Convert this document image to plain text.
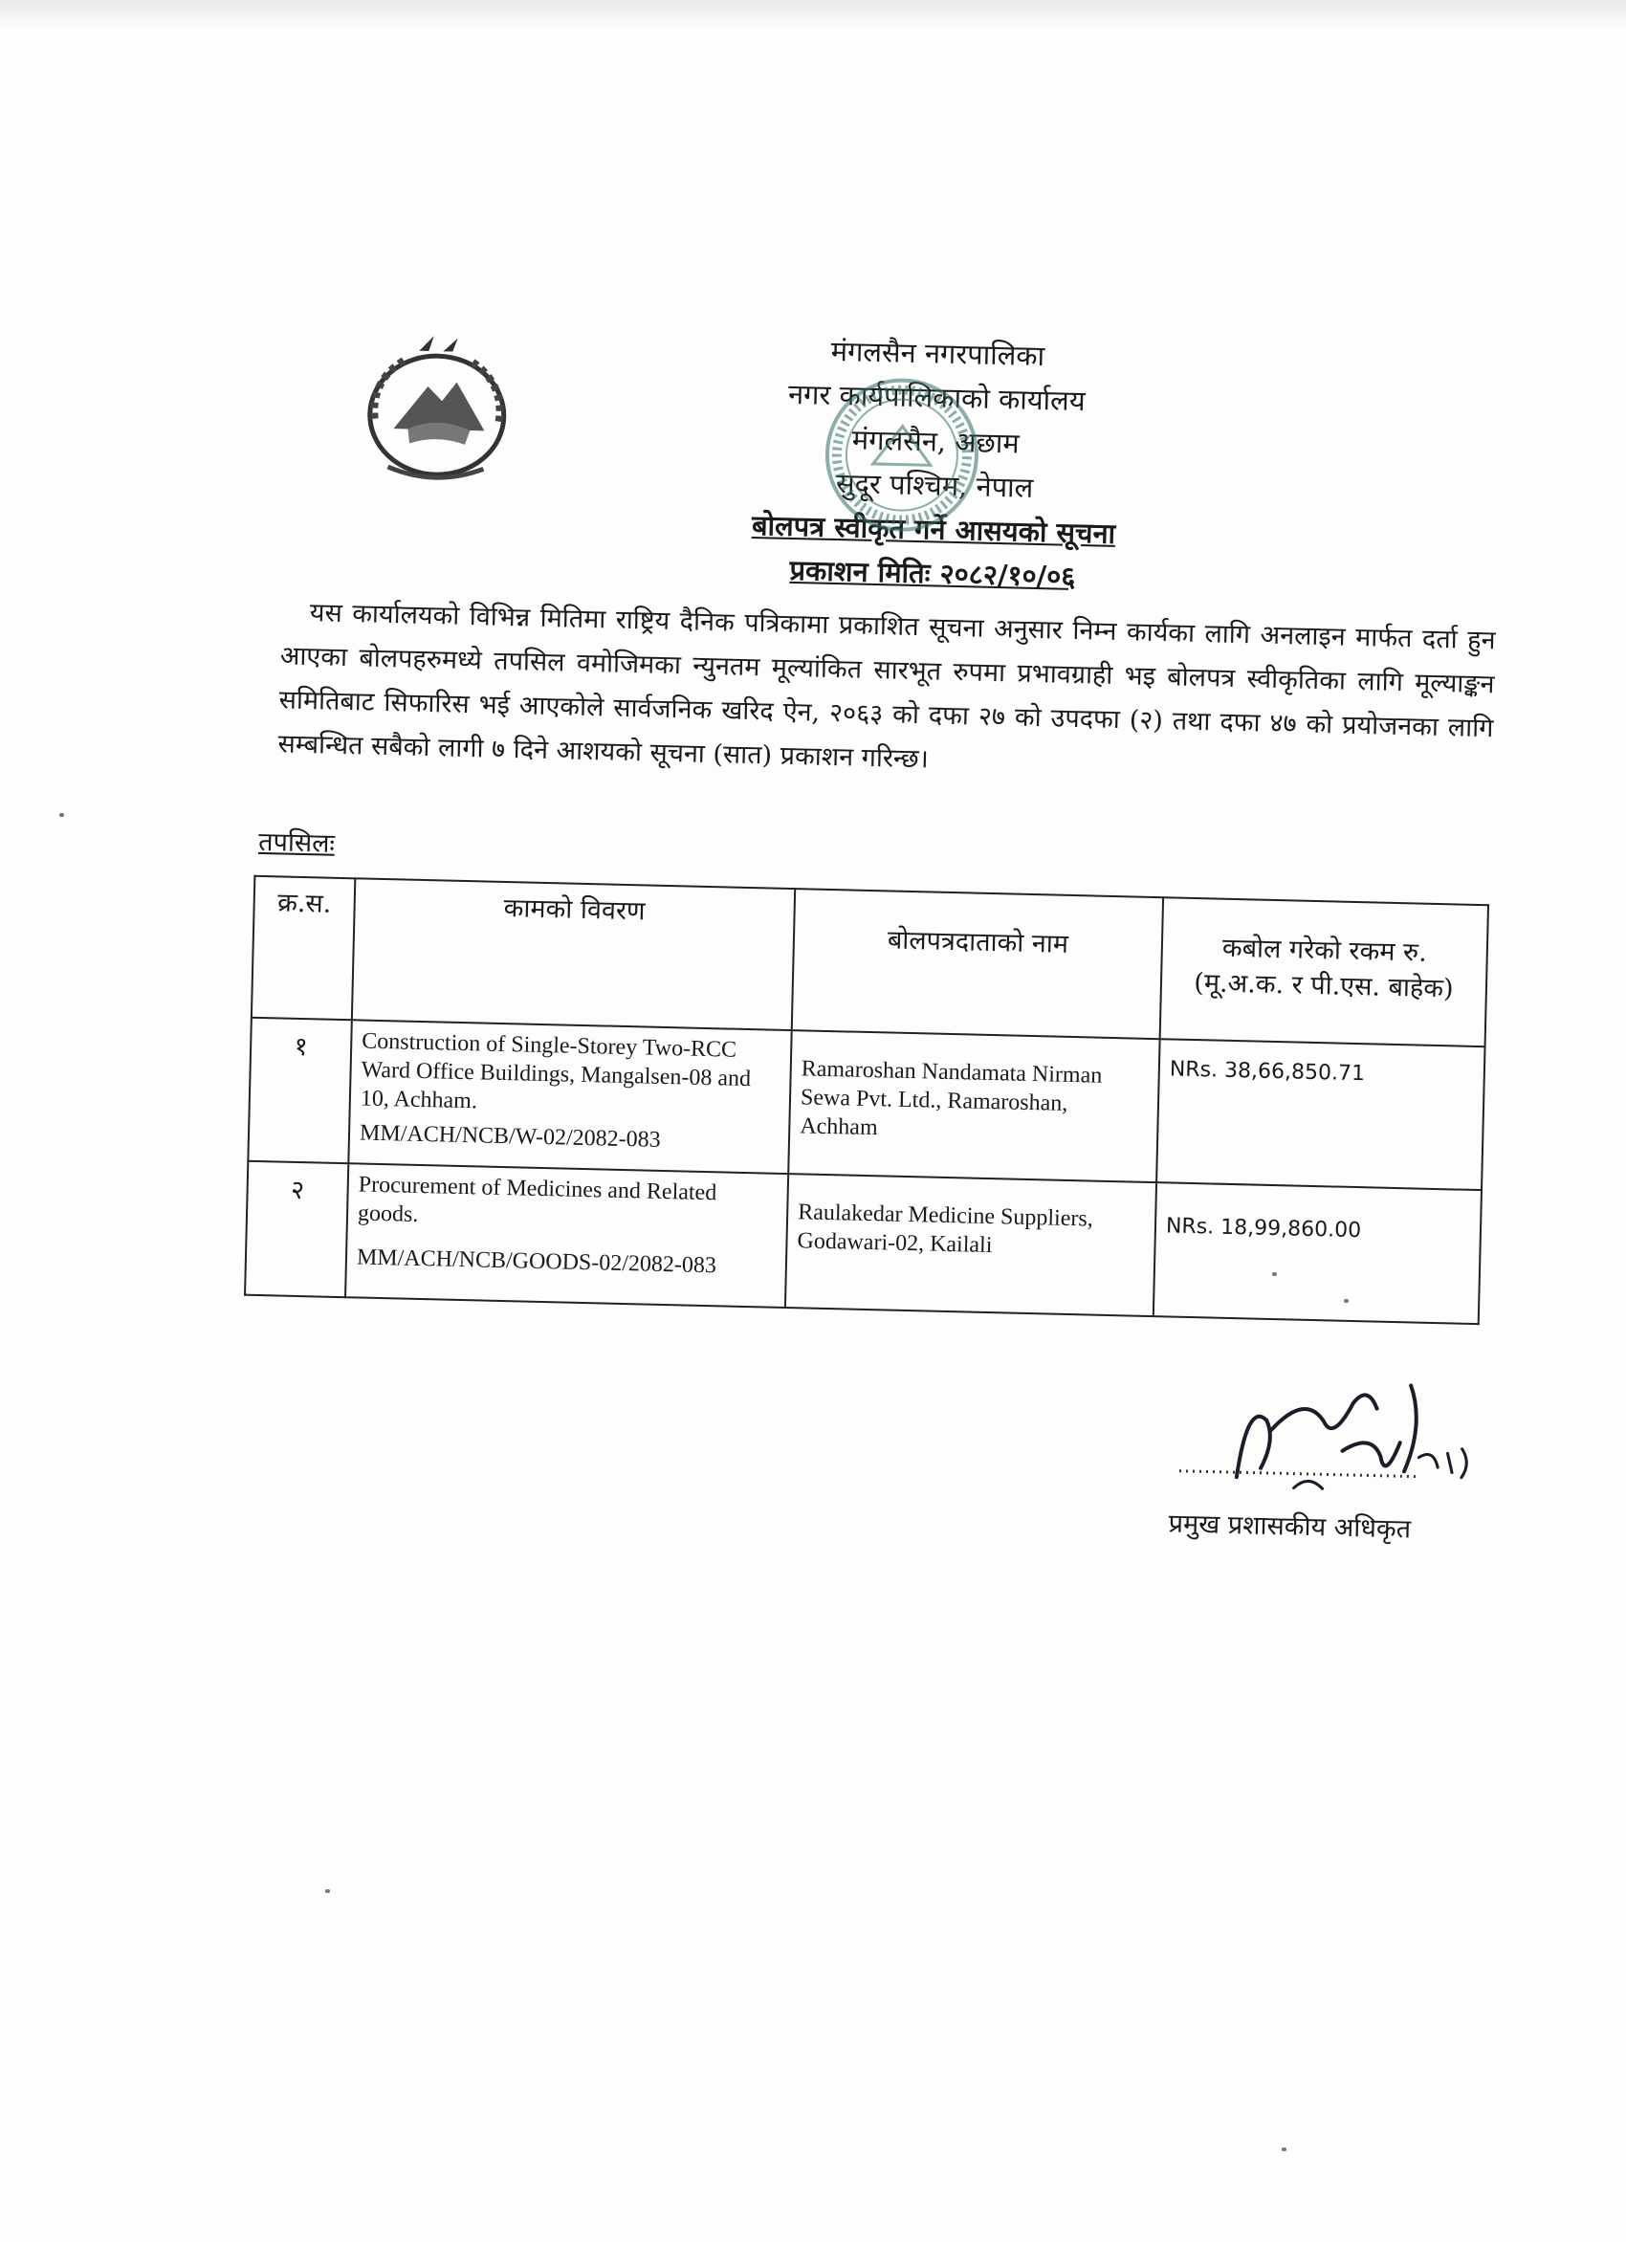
मंगलसैन नगरपालिका
नगर कार्यपालिकाको कार्यालय
मंगलसैन, अछाम
सुदूर पश्चिम, नेपाल
बोलपत्र स्वीकृत गर्ने आसयको सूचना
प्रकाशन मितिः २०८२/१०/०६

यस कार्यालयको विभिन्न मितिमा राष्ट्रिय दैनिक पत्रिकामा प्रकाशित सूचना अनुसार निम्न कार्यका लागि अनलाइन मार्फत दर्ता हुन आएका बोलपहरुमध्ये तपसिल वमोजिमका न्युनतम मूल्यांकित सारभूत रुपमा प्रभावग्राही भइ बोलपत्र स्वीकृतिका लागि मूल्याङ्कन समितिबाट सिफारिस भई आएकोले सार्वजनिक खरिद ऐन, २०६३ को दफा २७ को उपदफा (२) तथा दफा ४७ को प्रयोजनका लागि सम्बन्धित सबैको लागी ७ दिने आशयको सूचना (सात) प्रकाशन गरिन्छ।

तपसिलः
क्र.स.	कामको विवरण	बोलपत्रदाताको नाम	कबोल गरेको रकम रु.
(मू.अ.क. र पी.एस. बाहेक)

१	Construction of Single-Storey Two-RCC Ward Office Buildings, Mangalsen-08 and 10, Achham.
MM/ACH/NCB/W-02/2082-083	Ramaroshan Nandamata Nirman Sewa Pvt. Ltd., Ramaroshan, Achham	NRs. 38,66,850.71
२	Procurement of Medicines and Related goods.
MM/ACH/NCB/GOODS-02/2082-083	Raulakedar Medicine Suppliers, Godawari-02, Kailali	NRs. 18,99,860.00
प्रमुख प्रशासकीय अधिकृत
